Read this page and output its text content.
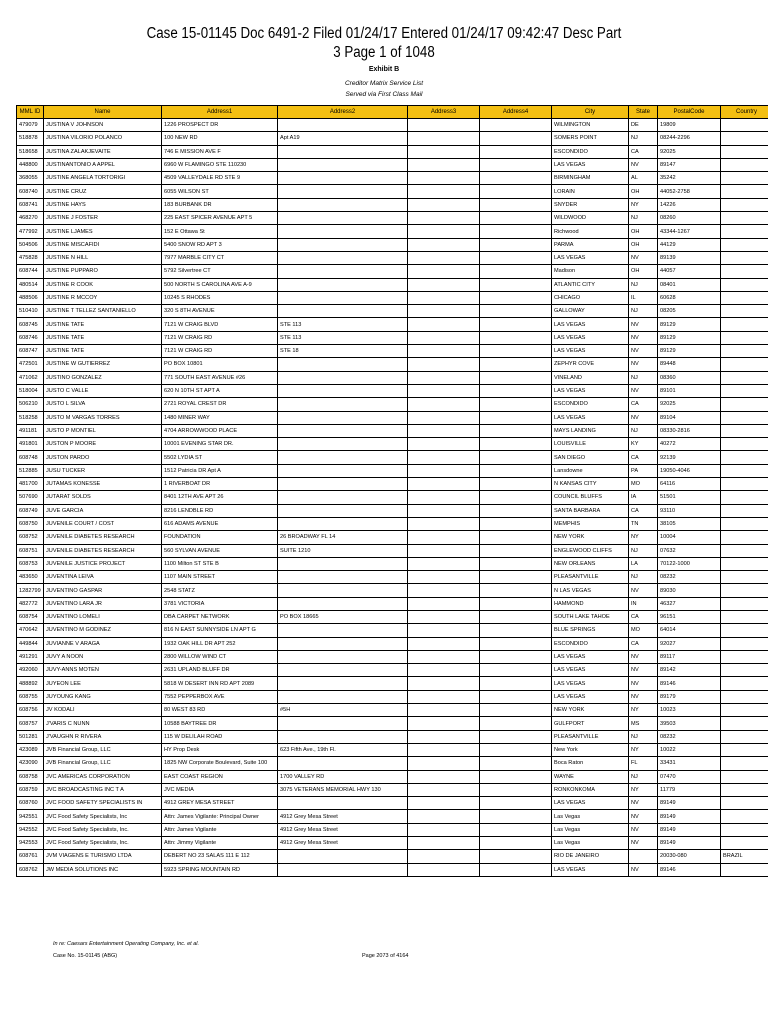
Case 15-01145 Doc 6491-2 Filed 01/24/17 Entered 01/24/17 09:42:47 Desc Part
3 Page 1 of 1048
Exhibit B
Creditor Matrix Service List
Served via First Class Mail
MML ID	Name	Address1	Address2	Address3	Address4	City	State	PostalCode	Country
479079	JUSTINA V JOHNSON	1226 PROSPECT DR				WILMINGTON	DE	19809	
518878	JUSTINA VILORIO POLANCO	100 NEW RD	Apt A19			SOMERS POINT	NJ	08244-2296	
518658	JUSTINA ZALAKJEVAITE	746 E MISSION AVE F				ESCONDIDO	CA	92025	
448800	JUSTINANTONIO A APPEL	6960 W FLAMINGO STE 110230				LAS VEGAS	NV	89147	
368055	JUSTINE ANGELA TORTORIGI	4509 VALLEYDALE RD STE 9				BIRMINGHAM	AL	35242	
608740	JUSTINE CRUZ	6055 WILSON ST				LORAIN	OH	44052-2758	
608741	JUSTINE HAYS	183 BURBANK DR				SNYDER	NY	14226	
468270	JUSTINE J FOSTER	225 EAST SPICER AVENUE APT 5				WILDWOOD	NJ	08260	
477992	JUSTINE LJAMES	152 E Ottawa St				Richwood	OH	43344-1267	
504506	JUSTINE MISCAFIDI	5400 SNOW RD APT 3				PARMA	OH	44129	
475828	JUSTINE N HILL	7977 MARBLE CITY CT				LAS VEGAS	NV	89139	
608744	JUSTINE PUPPARO	5792 Silvertree CT				Madison	OH	44057	
480514	JUSTINE R COOK	500 NORTH S CAROLINA AVE A-9				ATLANTIC CITY	NJ	08401	
488506	JUSTINE R MCCOY	10245 S RHODES				CHICAGO	IL	60628	
510410	JUSTINE T TELLEZ SANTANIELLO	320 S 8TH AVENUE				GALLOWAY	NJ	08205	
608745	JUSTINE TATE	7121 W CRAIG BLVD	STE 113			LAS VEGAS	NV	89129	
608746	JUSTINE TATE	7121 W CRAIG RD	STE 113			LAS VEGAS	NV	89129	
608747	JUSTINE TATE	7121 W CRAIG RD	STE 18			LAS VEGAS	NV	89129	
472501	JUSTINE W GUTIERREZ	PO BOX 10801				ZEPHYR COVE	NV	89448	
471062	JUSTINO GONZALEZ	771 SOUTH EAST AVENUE #26				VINELAND	NJ	08360	
518004	JUSTO C VALLE	620 N 10TH ST APT A				LAS VEGAS	NV	89101	
506210	JUSTO L SILVA	2721 ROYAL CREST DR				ESCONDIDO	CA	92025	
518258	JUSTO M VARGAS TORRES	1480 MINER WAY				LAS VEGAS	NV	89104	
491181	JUSTO P MONTIEL	4704 ARROWWOOD PLACE				MAYS LANDING	NJ	08330-2816	
491801	JUSTON P MOORE	10001 EVENING STAR DR.				LOUISVILLE	KY	40272	
608748	JUSTON PARDO	5502 LYDIA ST				SAN DIEGO	CA	92139	
512885	JUSU TUCKER	1512 Patricia DR Apt A				Lansdowne	PA	19050-4046	
481700	JUTAMAS KONESSE	1 RIVERBOAT DR				N KANSAS CITY	MO	64116	
507690	JUTARAT SOLDS	8401 12TH AVE APT 26				COUNCIL BLUFFS	IA	51501	
608749	JUVE GARCIA	8216 LENDBLE RD				SANTA BARBARA	CA	93110	
608750	JUVENILE COURT / COST	616 ADAMS AVENUE				MEMPHIS	TN	38105	
608752	JUVENILE DIABETES RESEARCH	FOUNDATION	26 BROADWAY FL 14			NEW YORK	NY	10004	
608751	JUVENILE DIABETES RESEARCH	560 SYLVAN AVENUE	SUITE 1210			ENGLEWOOD CLIFFS	NJ	07632	
608753	JUVENILE JUSTICE PROJECT	1100 Milton ST STE B				NEW ORLEANS	LA	70122-1000	
483650	JUVENTINA LEIVA	1107 MAIN STREET				PLEASANTVILLE	NJ	08232	
1282799	JUVENTINO GASPAR	2548 STATZ				N LAS VEGAS	NV	89030	
482772	JUVENTINO LARA JR	3781 VICTORIA				HAMMOND	IN	46327	
608754	JUVENTINO LOMELI	DBA CARPET NETWORK	PO BOX 18665			SOUTH LAKE TAHOE	CA	96151	
470642	JUVENTINO M GODINEZ	816 N EAST SUNNYSIDE LN APT G				BLUE SPRINGS	MO	64014	
449844	JUVIANNE V ARAGA	1932 OAK HILL DR APT 252				ESCONDIDO	CA	92027	
491291	JUVY A NOON	2800 WILLOW WIND CT				LAS VEGAS	NV	89117	
492060	JUVY-ANNS MOTEN	2631 UPLAND BLUFF DR				LAS VEGAS	NV	89142	
488892	JUYEON LEE	5818 W DESERT INN RD APT 2089				LAS VEGAS	NV	89146	
608755	JUYOUNG KANG	7552 PEPPERBOX AVE				LAS VEGAS	NV	89179	
608756	JV KODALI	80 WEST 83 RD	#5H			NEW YORK	NY	10023	
608757	J'VARIS C NUNN	10588 BAYTREE DR				GULFPORT	MS	39503	
501281	J'VAUGHN R RIVERA	115 W DELILAH ROAD				PLEASANTVILLE	NJ	08232	
423089	JVB Financial Group, LLC	HY Prop Desk	623 Fifth Ave., 19th Fl.			New York	NY	10022	
423090	JVB Financial Group, LLC	1825 NW Corporate Boulevard, Suite 100				Boca Raton	FL	33431	
608758	JVC AMERICAS CORPORATION	EAST COAST REGION	1700 VALLEY RD			WAYNE	NJ	07470	
608759	JVC BROADCASTING INC T A	JVC MEDIA	3075 VETERANS MEMORIAL HWY 130			RONKONKOMA	NY	11779	
608760	JVC FOOD SAFETY SPECIALISTS IN	4912 GREY MESA STREET				LAS VEGAS	NV	89149	
942551	JVC Food Safety Specialists, Inc	Attn: James Vigilante: Principal Owner	4912 Grey Mesa Street			Las Vegas	NV	89149	
942552	JVC Food Safety Specialists, Inc.	Attn: James Vigilante	4912 Grey Mesa Street			Las Vegas	NV	89149	
942553	JVC Food Safety Specialists, Inc.	Attn: Jimmy Vigilante	4912 Grey Mesa Street			Las Vegas	NV	89149	
608761	JVM VIAGENS E TURISMO LTDA	DEBERT NO 23 SALAS 111 E 112				RIO DE JANEIRO		20030-080	BRAZIL
608762	JW MEDIA SOLUTIONS INC	5923 SPRING MOUNTAIN RD				LAS VEGAS	NV	89146	
In re: Caesars Entertainment Operating Company, Inc. et al.
Case No. 15-01145 (ABG)	Page 2073 of 4164
